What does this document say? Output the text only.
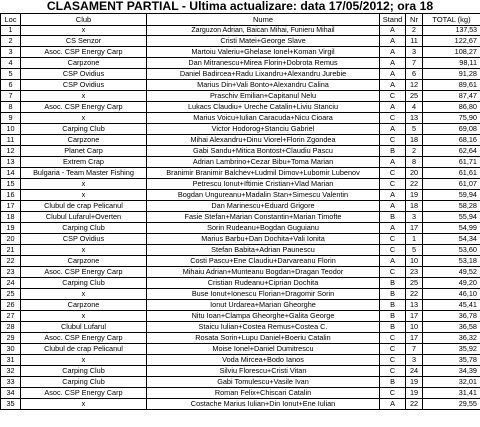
CLASAMENT PARTIAL - Ultima actualizare: data 17/05/2012; ora 18
Loc	Club	Nume	Stand	Nr	TOTAL (kg)
1	x	Zarguzon Adrian, Baican Mihai, Funieru Mihail	A	2	137,53
2	CS Senzor	Cristi Matei+George Slave	A	11	122,67
3	Asoc. CSP Energy Carp	Martoiu Valeriu+Ghelase Ionel+Koman Virgil	A	3	108,27
4	Carpzone	Dan Mitranescu+Mirea Florin+Dobrota Remus	A	7	98,11
5	CSP Ovidius	Daniel Badircea+Radu Lixandru+Alexandru Jurebie	A	6	91,28
6	CSP Ovidius	Marius Din+Vali Bonto+Alexandru Calina	A	12	89,61
7	x	Praschiv Emilian+Capitanul Nelu	C	25	87,47
8	Asoc. CSP Energy Carp	Lukacs Claudiu+ Ureche Catalin+Liviu Stanciu	A	4	86,80
9	x	Marius Voicu+Iulian Caracuda+Nicu Cioara	C	13	75,90
10	Carping Club	Victor Hodorog+Stanciu Gabriel	A	5	69,08
11	Carpzone	Mihai Alexandru+Dinu Viorel+Florin Zgondea	C	18	68,16
12	Planet Carp	Gabi Sandu+Mitica Bontost+Claudiu Pascu	B	2	62,64
13	Extrem Crap	Adrian Lambrino+Cezar Bibu+Toma Marian	A	8	61,71
14	Bulgaria - Team Master Fishing	Branimir Branimir Balchev+Ludmil Dimov+Lubomir Lubenov	C	20	61,61
15	x	Petrescu Ionut+Iftimie Cristian+Vlad Marian	C	22	61,07
16	x	Bogdan Ungureanu+Madalin Stan+Simescu Valentin	A	19	59,94
17	Clubul de crap Pelicanul	Dan Marinescu+Eduard Grigore	A	18	58,28
18	Clubul Lufarul+Overten	Fasie Stefan+Marian Constantin+Marian Timofte	B	3	55,94
19	Carping Club	Sorin Rudeanu+Bogdan Guguianu	A	17	54,99
20	CSP Ovidius	Marius Barbu+Dan Dochita+Vali Ionita	C	1	54,34
21	x	Stefan Babita+Adrian Paunescu	C	5	53,60
22	Carpzone	Costi Pascu+Ene Claudiu+Darvareanu Florin	A	10	53,18
23	Asoc. CSP Energy Carp	Mihaiu Adrian+Munteanu Bogdan+Dragan Teodor	C	23	49,52
24	Carping Club	Cristian Rudeanu+Ciprian Dochita	B	25	49,20
25	x	Buse Ionut+Ionescu Florian+Dragomir Sorin	B	22	46,10
26	Carpzone	Ionut Urdarea+Marian Gheorghe	B	13	45,41
27	x	Nitu Ioan+Clampa Gheorghe+Galita George	B	17	36,78
28	Clubul Lufarul	Staicu Iulian+Costea Remus+Costea C.	B	10	36,58
29	Asoc. CSP Energy Carp	Rosata Sorin+Lupu Daniel+Boeriu Catalin	C	17	36,32
30	Clubul de crap Pelicanul	Moise Ionel+Daniel Dumitrescu	C	7	35,92
31	x	Voda Mircea+Bodo Ianos	C	3	35,78
32	Carping Club	Silviu Florescu+Cristi Vitan	C	24	34,39
33	Carping Club	Gabi Tomulescu+Vasile Ivan	B	19	32,01
34	Asoc. CSP Energy Carp	Roman Felix+Chiscari Catalin	C	19	31,41
35	x	Costache Marius Iulian+Din Ionut+Ene Iulian	A	22	29,55
